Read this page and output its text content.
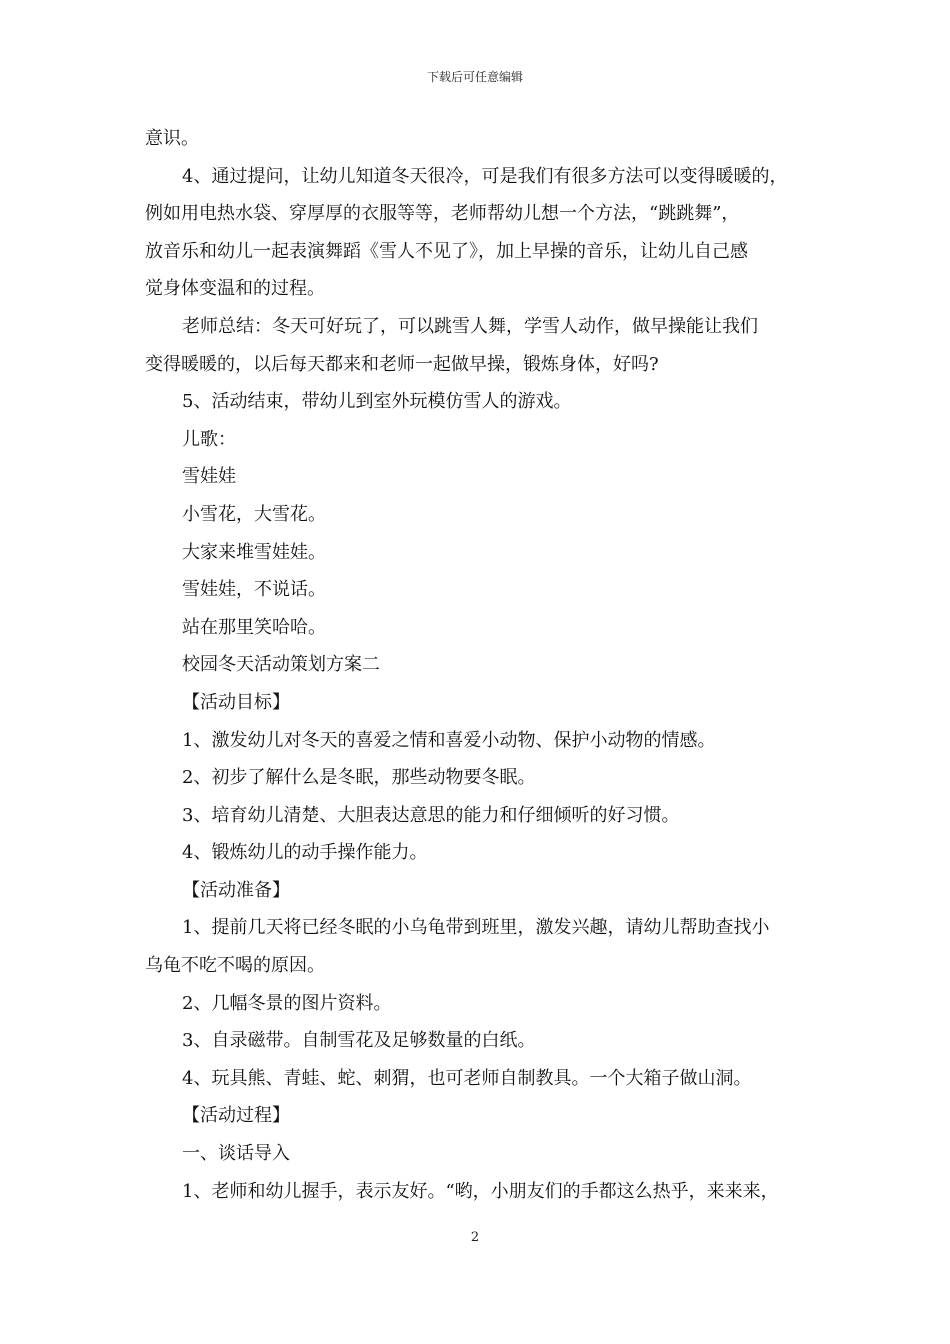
下载后可任意编辑
意识。
4、通过提问，让幼儿知道冬天很冷，可是我们有很多方法可以变得暖暖的，
例如用电热水袋、穿厚厚的衣服等等，老师帮幼儿想一个方法，“跳跳舞”，
放音乐和幼儿一起表演舞蹈《雪人不见了》，加上早操的音乐，让幼儿自己感
觉身体变温和的过程。
老师总结：冬天可好玩了，可以跳雪人舞，学雪人动作，做早操能让我们
变得暖暖的，以后每天都来和老师一起做早操，锻炼身体，好吗?
5、活动结束，带幼儿到室外玩模仿雪人的游戏。
儿歌：
雪娃娃
小雪花，大雪花。
大家来堆雪娃娃。
雪娃娃，不说话。
站在那里笑哈哈。
校园冬天活动策划方案二
【活动目标】
1、激发幼儿对冬天的喜爱之情和喜爱小动物、保护小动物的情感。
2、初步了解什么是冬眠，那些动物要冬眠。
3、培育幼儿清楚、大胆表达意思的能力和仔细倾听的好习惯。
4、锻炼幼儿的动手操作能力。
【活动准备】
1、提前几天将已经冬眠的小乌龟带到班里，激发兴趣，请幼儿帮助查找小
乌龟不吃不喝的原因。
2、几幅冬景的图片资料。
3、自录磁带。自制雪花及足够数量的白纸。
4、玩具熊、青蛙、蛇、刺猬，也可老师自制教具。一个大箱子做山洞。
【活动过程】
一、谈话导入
1、老师和幼儿握手，表示友好。“哟，小朋友们的手都这么热乎，来来来，
2
